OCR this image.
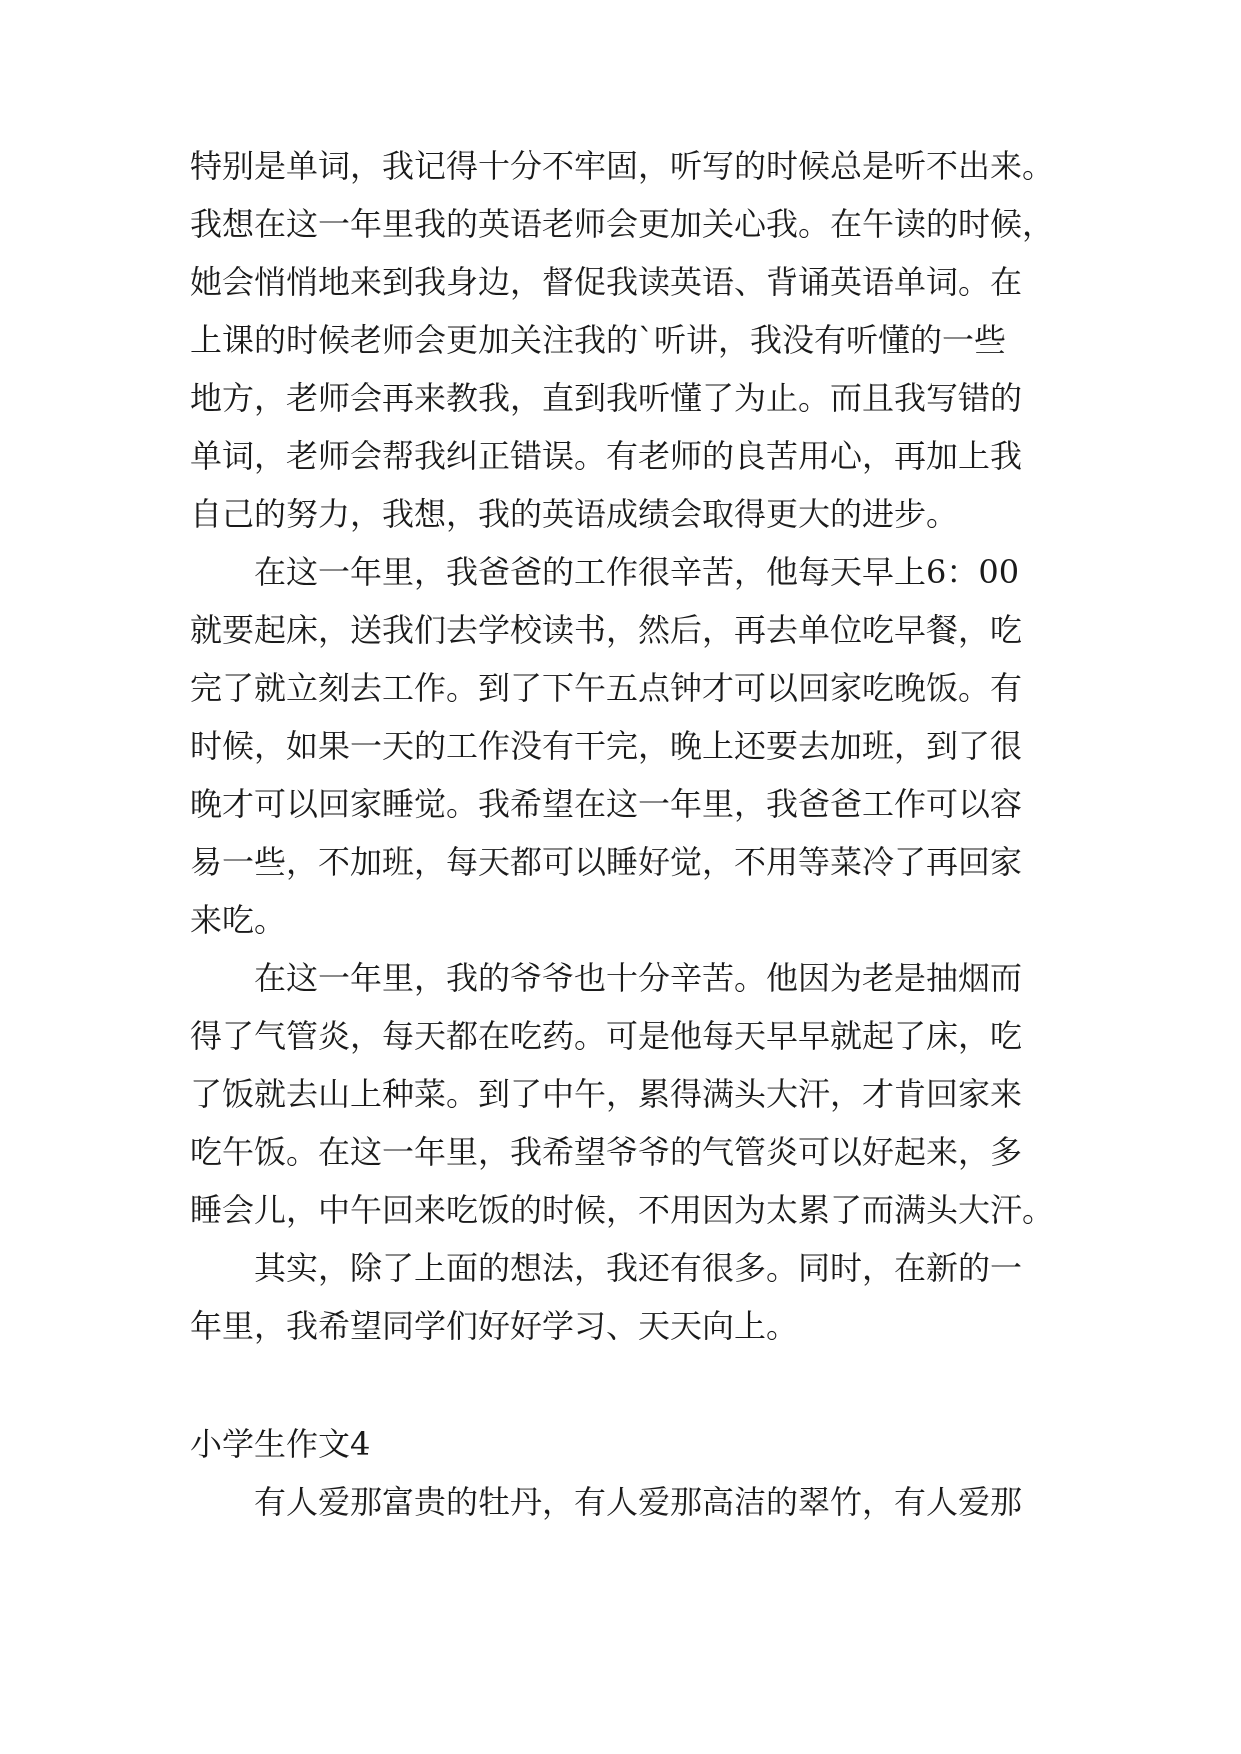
特别是单词，我记得十分不牢固，听写的时候总是听不出来。

我想在这一年里我的英语老师会更加关心我。在午读的时候，

她会悄悄地来到我身边，督促我读英语、背诵英语单词。在

上课的时候老师会更加关注我的`听讲，我没有听懂的一些

地方，老师会再来教我，直到我听懂了为止。而且我写错的

单词，老师会帮我纠正错误。有老师的良苦用心，再加上我

自己的努力，我想，我的英语成绩会取得更大的进步。

在这一年里，我爸爸的工作很辛苦，他每天早上6：00

就要起床，送我们去学校读书，然后，再去单位吃早餐，吃

完了就立刻去工作。到了下午五点钟才可以回家吃晚饭。有

时候，如果一天的工作没有干完，晚上还要去加班，到了很

晚才可以回家睡觉。我希望在这一年里，我爸爸工作可以容

易一些，不加班，每天都可以睡好觉，不用等菜冷了再回家

来吃。

在这一年里，我的爷爷也十分辛苦。他因为老是抽烟而

得了气管炎，每天都在吃药。可是他每天早早就起了床，吃

了饭就去山上种菜。到了中午，累得满头大汗，才肯回家来

吃午饭。在这一年里，我希望爷爷的气管炎可以好起来，多

睡会儿，中午回来吃饭的时候，不用因为太累了而满头大汗。

其实，除了上面的想法，我还有很多。同时，在新的一

年里，我希望同学们好好学习、天天向上。

小学生作文4

有人爱那富贵的牡丹，有人爱那高洁的翠竹，有人爱那
